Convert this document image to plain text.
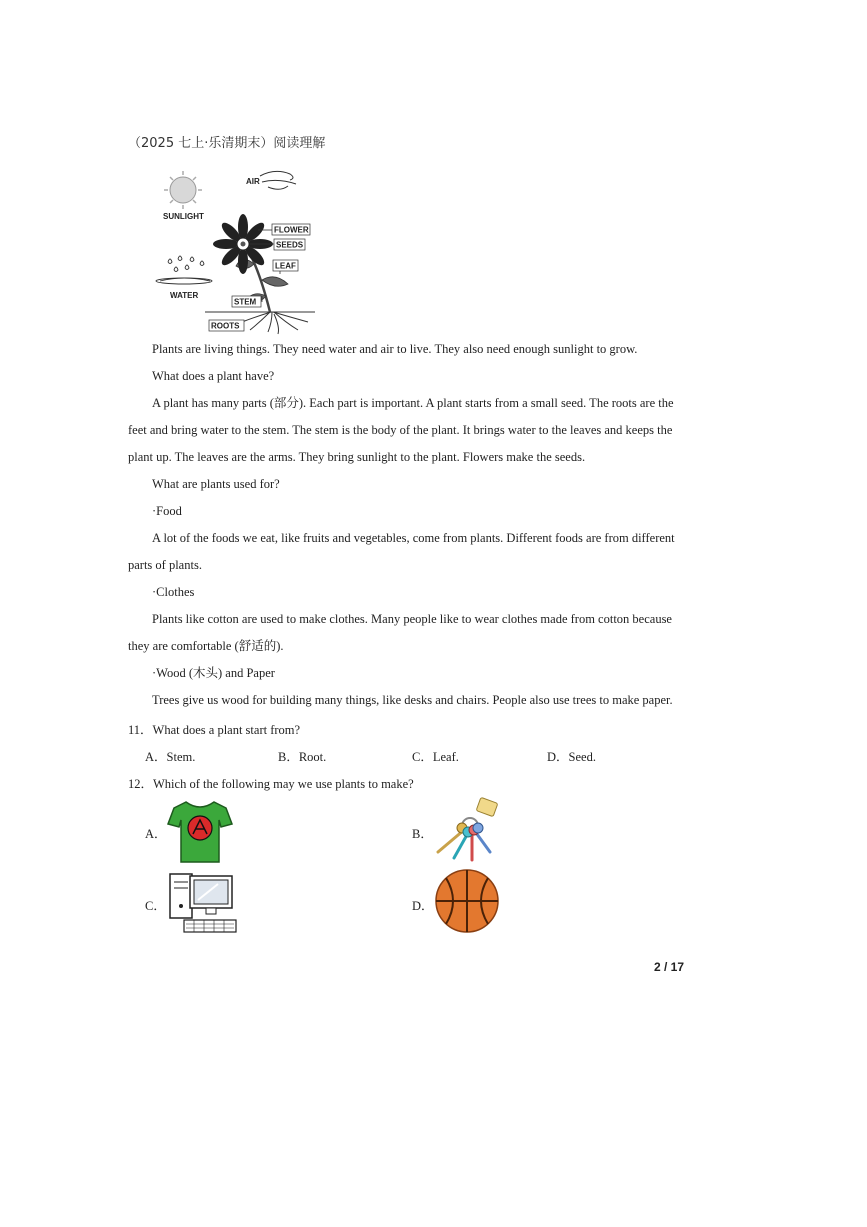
（2025 七上·乐清期末）阅读理解
SUNLIGHT
AIR
WATER
FLOWER
SEEDS
LEAF
STEM
ROOTS
Plants are living things. They need water and air to live. They also need enough sunlight to grow.
What does a plant have?
A plant has many parts (部分). Each part is important. A plant starts from a small seed. The roots are the feet and bring water to the stem. The stem is the body of the plant. It brings water to the leaves and keeps the plant up. The leaves are the arms. They bring sunlight to the plant. Flowers make the seeds.
What are plants used for?
·Food
A lot of the foods we eat, like fruits and vegetables, come from plants. Different foods are from different parts of plants.
·Clothes
Plants like cotton are used to make clothes. Many people like to wear clothes made from cotton because they are comfortable (舒适的).
·Wood (木头) and Paper
Trees give us wood for building many things, like desks and chairs. People also use trees to make paper.
11．What does a plant start from?
A．Stem.	B．Root.	C．Leaf.	D．Seed.
12．Which of the following may we use plants to make?
A．	B．
C．	D．
2 / 17
